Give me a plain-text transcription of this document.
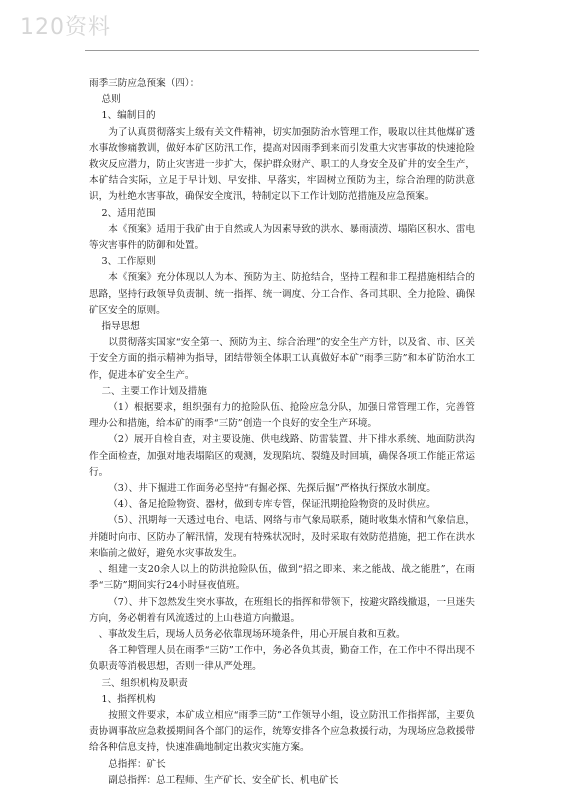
120资料

雨季三防应急预案（四）：

总则

1、编制目的

为了认真贯彻落实上级有关文件精神，切实加强防治水管理工作，吸取以往其他煤矿透水事故惨痛教训，做好本矿区防汛工作，提高对因雨季到来而引发重大灾害事故的快速抢险救灾反应潜力，防止灾害进一步扩大，保护群众财产、职工的人身安全及矿井的安全生产，本矿结合实际，立足于早计划、早安排、早落实，牢固树立预防为主，综合治理的防洪意识，为杜绝水害事故，确保安全度汛，特制定以下工作计划防范措施及应急预案。

2、适用范围

本《预案》适用于我矿由于自然或人为因素导致的洪水、暴雨渍涝、塌陷区积水、雷电等灾害事件的防御和处置。

3、工作原则

本《预案》充分体现以人为本、预防为主、防抢结合，坚持工程和非工程措施相结合的思路，坚持行政领导负责制、统一指挥、统一调度、分工合作、各司其职、全力抢险、确保矿区安全的原则。

指导思想

以贯彻落实国家“安全第一、预防为主、综合治理”的安全生产方针，以及省、市、区关于安全方面的指示精神为指导，团结带领全体职工认真做好本矿“雨季三防”和本矿防治水工作，促进本矿安全生产。

二、主要工作计划及措施

（1）根据要求，组织强有力的抢险队伍、抢险应急分队，加强日常管理工作，完善管理办公和措施，给本矿的雨季“三防”创造一个良好的安全生产环境。

（2）展开自检自查，对主要设施、供电线路、防雷装置、井下排水系统、地面防洪沟作全面检查，加强对地表塌陷区的观测，发现陷坑、裂缝及时回填，确保各项工作能正常运行。

（3）、井下掘进工作面务必坚持“有掘必探、先探后掘”严格执行探放水制度。

（4）、备足抢险物资、器材，做到专库专管，保证汛期抢险物资的及时供应。

（5）、汛期每一天透过电台、电话、网络与市气象局联系，随时收集水情和气象信息，并随时向市、区防办了解汛情，发现有特殊状况时，及时采取有效防范措施，把工作在洪水来临前之做好，避免水灾事故发生。

、组建一支20余人以上的防洪抢险队伍，做到“招之即来、来之能战、战之能胜”，在雨季“三防”期间实行24小时昼夜值班。

（7）、井下忽然发生突水事故，在班组长的指挥和带领下，按避灾路线撤退，一旦迷失方向，务必朝着有风流透过的上山巷道方向撤退。

、事故发生后，现场人员务必依靠现场环境条件，用心开展自救和互救。

各工种管理人员在雨季“三防”工作中，务必各负其责，勤奋工作，在工作中不得出现不负职责等消极思想，否则一律从严处理。

三、组织机构及职责

1、指挥机构

按照文件要求，本矿成立相应“雨季三防”工作领导小组，设立防汛工作指挥部，主要负责协调事故应急救援期间各个部门的运作，统筹安排各个应急救援行动，为现场应急救援带给各种信息支持，快速准确地制定出救灾实施方案。

总指挥：矿长

副总指挥：总工程师、生产矿长、安全矿长、机电矿长
